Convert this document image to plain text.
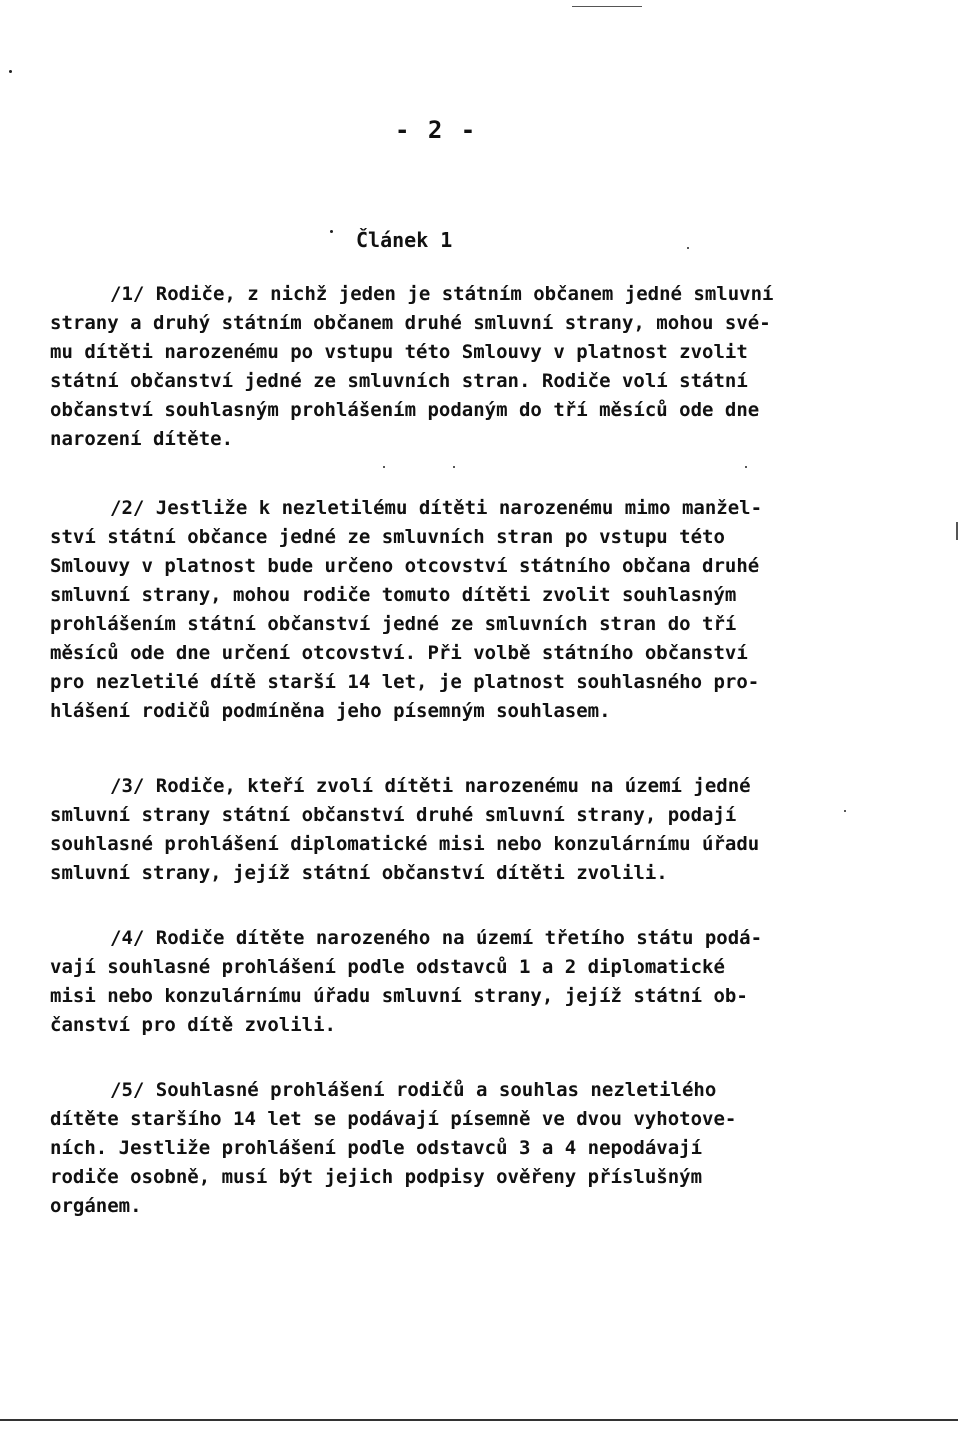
- 2 -
Článek 1
/1/ Rodiče, z nichž jeden je státním občanem jedné smluvní
strany a druhý státním občanem druhé smluvní strany, mohou své-
mu dítěti narozenému po vstupu této Smlouvy v platnost zvolit
státní občanství jedné ze smluvních stran. Rodiče volí státní
občanství souhlasným prohlášením podaným do tří měsíců ode dne
narození dítěte.
/2/ Jestliže k nezletilému dítěti narozenému mimo manžel-
ství státní občance jedné ze smluvních stran po vstupu této
Smlouvy v platnost bude určeno otcovství státního občana druhé
smluvní strany, mohou rodiče tomuto dítěti zvolit souhlasným
prohlášením státní občanství jedné ze smluvních stran do tří
měsíců ode dne určení otcovství. Při volbě státního občanství
pro nezletilé dítě starší 14 let, je platnost souhlasného pro-
hlášení rodičů podmíněna jeho písemným souhlasem.
/3/ Rodiče, kteří zvolí dítěti narozenému na území jedné
smluvní strany státní občanství druhé smluvní strany, podají
souhlasné prohlášení diplomatické misi nebo konzulárnímu úřadu
smluvní strany, jejíž státní občanství dítěti zvolili.
/4/ Rodiče dítěte narozeného na území třetího státu podá-
vají souhlasné prohlášení podle odstavců 1 a 2 diplomatické
misi nebo konzulárnímu úřadu smluvní strany, jejíž státní ob-
čanství pro dítě zvolili.
/5/ Souhlasné prohlášení rodičů a souhlas nezletilého
dítěte staršího 14 let se podávají písemně ve dvou vyhotove-
ních. Jestliže prohlášení podle odstavců 3 a 4 nepodávají
rodiče osobně, musí být jejich podpisy ověřeny příslušným
orgánem.
